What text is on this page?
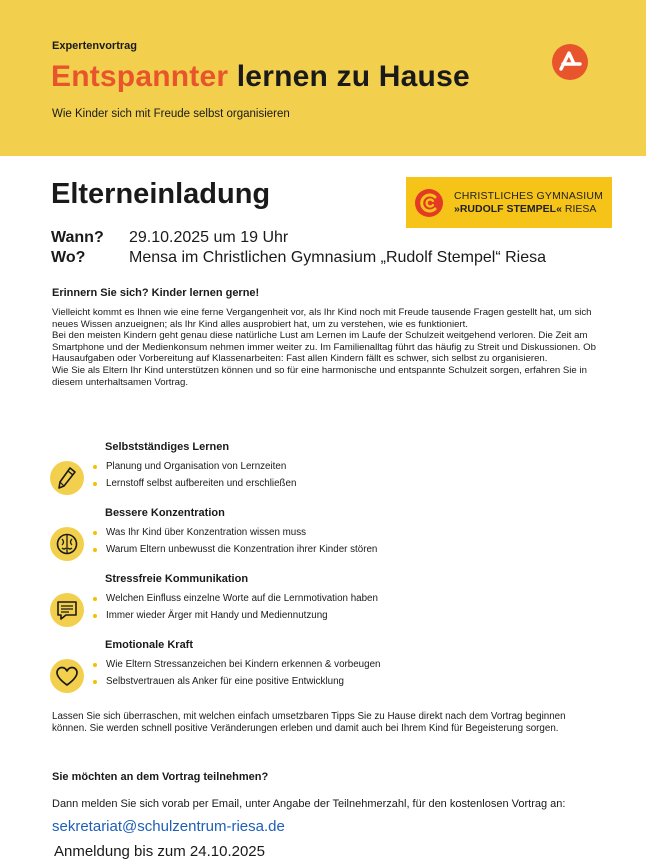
Expertenvortrag
Entspannter lernen zu Hause
Wie Kinder sich mit Freude selbst organisieren
Elterneinladung	CHRISTLICHES GYMNASIUM
»RUDOLF STEMPEL« RIESA
Wann? 29.10.2025 um 19 Uhr
Wo?	Mensa im Christlichen Gymnasium „Rudolf Stempel“ Riesa
Erinnern Sie sich? Kinder lernen gerne!

Vielleicht kommt es Ihnen wie eine ferne Vergangenheit vor, als Ihr Kind noch mit Freude tausende Fragen gestellt hat, um sich neues Wissen anzueignen; als Ihr Kind alles ausprobiert hat, um zu verstehen, wie es funktioniert.

Bei den meisten Kindern geht genau diese natürliche Lust am Lernen im Laufe der Schulzeit weitgehend verloren. Die Zeit am Smartphone und der Medienkonsum nehmen immer weiter zu. Im Familienalltag führt das häufig zu Streit und Diskussionen. Ob Hausaufgaben oder Vorbereitung auf Klassenarbeiten: Fast allen Kindern fällt es schwer, sich selbst zu organisieren.

Wie Sie als Eltern Ihr Kind unterstützen können und so für eine harmonische und entspannte Schulzeit sorgen, erfahren Sie in diesem unterhaltsamen Vortrag.

Selbstständiges Lernen
Planung und Organisation von Lernzeiten
Lernstoff selbst aufbereiten und erschließen
Bessere Konzentration
Was Ihr Kind über Konzentration wissen muss
Warum Eltern unbewusst die Konzentration ihrer Kinder stören
Stressfreie Kommunikation
Welchen Einfluss einzelne Worte auf die Lernmotivation haben
Immer wieder Ärger mit Handy und Mediennutzung
Emotionale Kraft
Wie Eltern Stressanzeichen bei Kindern erkennen & vorbeugen
Selbstvertrauen als Anker für eine positive Entwicklung
Lassen Sie sich überraschen, mit welchen einfach umsetzbaren Tipps Sie zu Hause direkt nach dem Vortrag beginnen können. Sie werden schnell positive Veränderungen erleben und damit auch bei Ihrem Kind für Begeisterung sorgen.
Sie möchten an dem Vortrag teilnehmen?
Dann melden Sie sich vorab per Email, unter Angabe der Teilnehmerzahl, für den kostenlosen Vortrag an:
sekretariat@schulzentrum-riesa.de
Anmeldung bis zum 24.10.2025
